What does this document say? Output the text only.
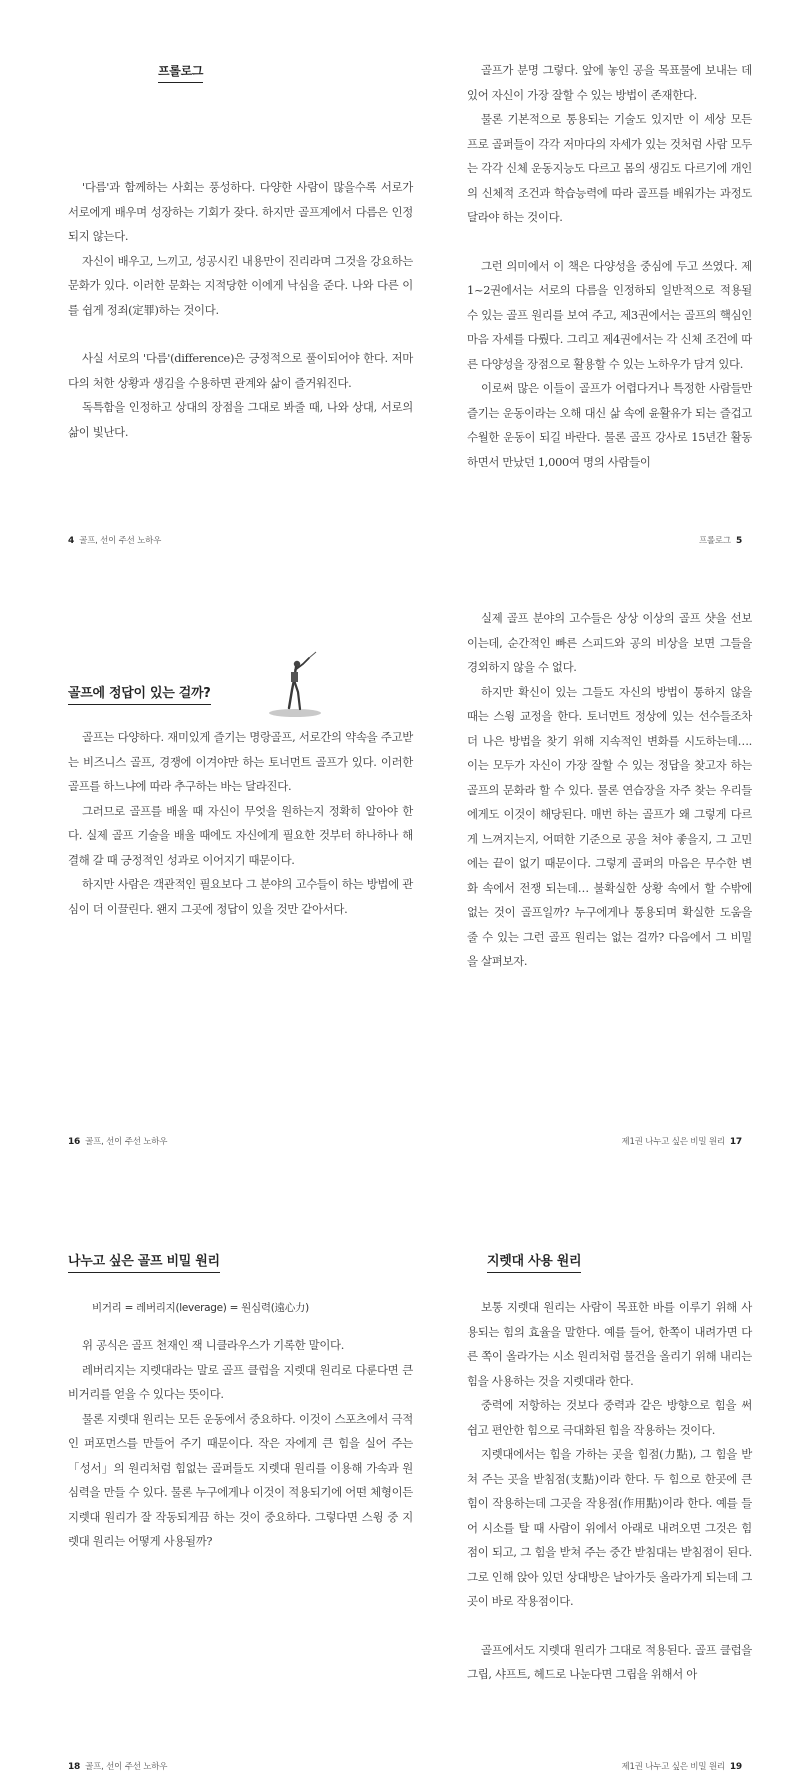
프롤로그

'다름'과 함께하는 사회는 풍성하다. 다양한 사람이 많을수록 서로가 서로에게 배우며 성장하는 기회가 잦다. 하지만 골프계에서 다름은 인정되지 않는다.

자신이 배우고, 느끼고, 성공시킨 내용만이 진리라며 그것을 강요하는 문화가 있다. 이러한 문화는 지적당한 이에게 낙심을 준다. 나와 다른 이를 쉽게 정죄(定罪)하는 것이다.

사실 서로의 '다름'(difference)은 긍정적으로 풀이되어야 한다. 저마다의 처한 상황과 생김을 수용하면 관계와 삶이 즐거워진다.

독특함을 인정하고 상대의 장점을 그대로 봐줄 때, 나와 상대, 서로의 삶이 빛난다.

4 골프, 선이 주선 노하우

골프가 분명 그렇다. 앞에 놓인 공을 목표물에 보내는 데 있어 자신이 가장 잘할 수 있는 방법이 존재한다.

물론 기본적으로 통용되는 기술도 있지만 이 세상 모든 프로 골퍼들이 각각 저마다의 자세가 있는 것처럼 사람 모두는 각각 신체 운동지능도 다르고 몸의 생김도 다르기에 개인의 신체적 조건과 학습능력에 따라 골프를 배워가는 과정도 달라야 하는 것이다.

그런 의미에서 이 책은 다양성을 중심에 두고 쓰였다. 제1~2권에서는 서로의 다름을 인정하되 일반적으로 적용될 수 있는 골프 원리를 보여 주고, 제3권에서는 골프의 핵심인 마음 자세를 다뤘다. 그리고 제4권에서는 각 신체 조건에 따른 다양성을 장점으로 활용할 수 있는 노하우가 담겨 있다.

이로써 많은 이들이 골프가 어렵다거나 특정한 사람들만 즐기는 운동이라는 오해 대신 삶 속에 윤활유가 되는 즐겁고 수월한 운동이 되길 바란다. 물론 골프 강사로 15년간 활동하면서 만났던 1,000여 명의 사람들이

프롤로그 5
골프에 정답이 있는 걸까?

골프는 다양하다. 재미있게 즐기는 명랑골프, 서로간의 약속을 주고받는 비즈니스 골프, 경쟁에 이겨야만 하는 토너먼트 골프가 있다. 이러한 골프를 하느냐에 따라 추구하는 바는 달라진다.

그러므로 골프를 배울 때 자신이 무엇을 원하는지 정확히 알아야 한다. 실제 골프 기술을 배울 때에도 자신에게 필요한 것부터 하나하나 해결해 갈 때 긍정적인 성과로 이어지기 때문이다.

하지만 사람은 객관적인 필요보다 그 분야의 고수들이 하는 방법에 관심이 더 이끌린다. 왠지 그곳에 정답이 있을 것만 같아서다.

16 골프, 선이 주선 노하우

실제 골프 분야의 고수들은 상상 이상의 골프 샷을 선보이는데, 순간적인 빠른 스피드와 공의 비상을 보면 그들을 경외하지 않을 수 없다.

하지만 확신이 있는 그들도 자신의 방법이 통하지 않을 때는 스윙 교정을 한다. 토너먼트 정상에 있는 선수들조차 더 나은 방법을 찾기 위해 지속적인 변화를 시도하는데…. 이는 모두가 자신이 가장 잘할 수 있는 정답을 찾고자 하는 골프의 문화라 할 수 있다. 물론 연습장을 자주 찾는 우리들에게도 이것이 해당된다. 매번 하는 골프가 왜 그렇게 다르게 느껴지는지, 어떠한 기준으로 공을 쳐야 좋을지, 그 고민에는 끝이 없기 때문이다. 그렇게 골퍼의 마음은 무수한 변화 속에서 전쟁 되는데… 불확실한 상황 속에서 할 수밖에 없는 것이 골프일까? 누구에게나 통용되며 확실한 도움을 줄 수 있는 그런 골프 원리는 없는 걸까? 다음에서 그 비밀을 살펴보자.

제1권 나누고 싶은 비밀 원리 17
나누고 싶은 골프 비밀 원리

비거리 = 레버리지(leverage) = 원심력(遠心力)

위 공식은 골프 천재인 잭 니클라우스가 기록한 말이다.

레버리지는 지렛대라는 말로 골프 클럽을 지렛대 원리로 다룬다면 큰 비거리를 얻을 수 있다는 뜻이다.

물론 지렛대 원리는 모든 운동에서 중요하다. 이것이 스포츠에서 극적인 퍼포먼스를 만들어 주기 때문이다. 작은 자에게 큰 힘을 실어 주는 「성서」의 원리처럼 힘없는 골퍼들도 지렛대 원리를 이용해 가속과 원심력을 만들 수 있다. 물론 누구에게나 이것이 적용되기에 어떤 체형이든 지렛대 원리가 잘 작동되게끔 하는 것이 중요하다. 그렇다면 스윙 중 지렛대 원리는 어떻게 사용될까?

18 골프, 선이 주선 노하우
지렛대 사용 원리

보통 지렛대 원리는 사람이 목표한 바를 이루기 위해 사용되는 힘의 효율을 말한다. 예를 들어, 한쪽이 내려가면 다른 쪽이 올라가는 시소 원리처럼 물건을 올리기 위해 내리는 힘을 사용하는 것을 지렛대라 한다.

중력에 저항하는 것보다 중력과 같은 방향으로 힘을 써 쉽고 편안한 힘으로 극대화된 힘을 작용하는 것이다.

지렛대에서는 힘을 가하는 곳을 힘점(力點), 그 힘을 받쳐 주는 곳을 받침점(支點)이라 한다. 두 힘으로 한곳에 큰 힘이 작용하는데 그곳을 작용점(作用點)이라 한다. 예를 들어 시소를 탈 때 사람이 위에서 아래로 내려오면 그것은 힘점이 되고, 그 힘을 받쳐 주는 중간 받침대는 받침점이 된다. 그로 인해 앉아 있던 상대방은 날아가듯 올라가게 되는데 그곳이 바로 작용점이다.

골프에서도 지렛대 원리가 그대로 적용된다. 골프 클럽을 그립, 샤프트, 헤드로 나눈다면 그립을 위해서 아

제1권 나누고 싶은 비밀 원리 19
